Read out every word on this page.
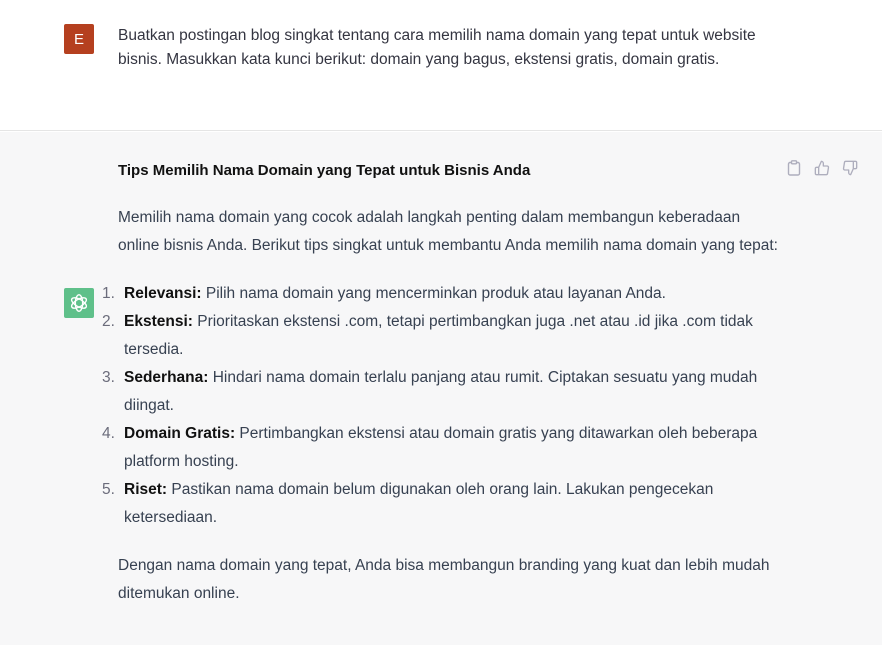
E Buatkan postingan blog singkat tentang cara memilih nama domain yang tepat untuk website bisnis. Masukkan kata kunci berikut: domain yang bagus, ekstensi gratis, domain gratis.
Tips Memilih Nama Domain yang Tepat untuk Bisnis Anda

Memilih nama domain yang cocok adalah langkah penting dalam membangun keberadaan online bisnis Anda. Berikut tips singkat untuk membantu Anda memilih nama domain yang tepat:

1. Relevansi: Pilih nama domain yang mencerminkan produk atau layanan Anda.
2. Ekstensi: Prioritaskan ekstensi .com, tetapi pertimbangkan juga .net atau .id jika .com tidak tersedia.
3. Sederhana: Hindari nama domain terlalu panjang atau rumit. Ciptakan sesuatu yang mudah diingat.
4. Domain Gratis: Pertimbangkan ekstensi atau domain gratis yang ditawarkan oleh beberapa platform hosting.
5. Riset: Pastikan nama domain belum digunakan oleh orang lain. Lakukan pengecekan ketersediaan.

Dengan nama domain yang tepat, Anda bisa membangun branding yang kuat dan lebih mudah ditemukan online.
